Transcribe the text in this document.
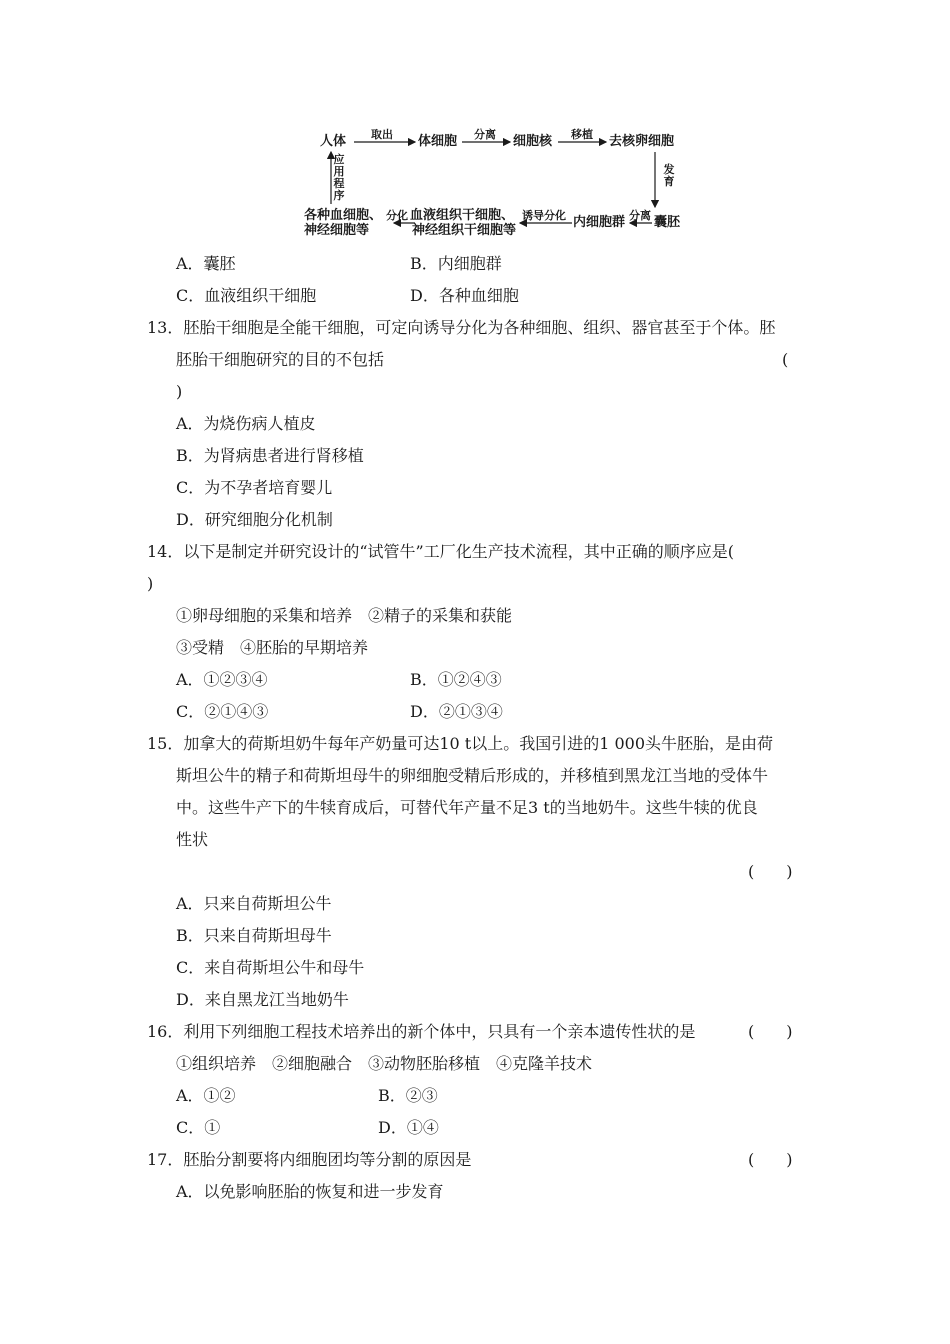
人体	体细胞	细胞核	去核卵细胞
囊胚
内细胞群
血液组织干细胞、
神经组织干细胞等
各种血细胞、
神经细胞等
取出	分离	移植
发育
分离
诱导分化
分化
应用程序
A．囊胚	B．内细胞群
C．血液组织干细胞	D．各种血细胞
13．胚胎干细胞是全能干细胞，可定向诱导分化为各种细胞、组织、器官甚至于个体。胚
胚胎干细胞研究的目的不包括	(
)
A．为烧伤病人植皮
B．为肾病患者进行肾移植
C．为不孕者培育婴儿
D．研究细胞分化机制
14．以下是制定并研究设计的“试管牛”工厂化生产技术流程，其中正确的顺序应是(
)
①卵母细胞的采集和培养　②精子的采集和获能
③受精　④胚胎的早期培养
A．①②③④	B．①②④③
C．②①④③	D．②①③④
15．加拿大的荷斯坦奶牛每年产奶量可达10 t以上。我国引进的1 000头牛胚胎，是由荷
斯坦公牛的精子和荷斯坦母牛的卵细胞受精后形成的，并移植到黑龙江当地的受体牛
中。这些牛产下的牛犊育成后，可替代年产量不足3 t的当地奶牛。这些牛犊的优良
性状
(　　)
A．只来自荷斯坦公牛
B．只来自荷斯坦母牛
C．来自荷斯坦公牛和母牛
D．来自黑龙江当地奶牛
16．利用下列细胞工程技术培养出的新个体中，只具有一个亲本遗传性状的是	(　　)
①组织培养　②细胞融合　③动物胚胎移植　④克隆羊技术
A．①②	B．②③
C．①	D．①④
17．胚胎分割要将内细胞团均等分割的原因是	(　　)
A．以免影响胚胎的恢复和进一步发育
